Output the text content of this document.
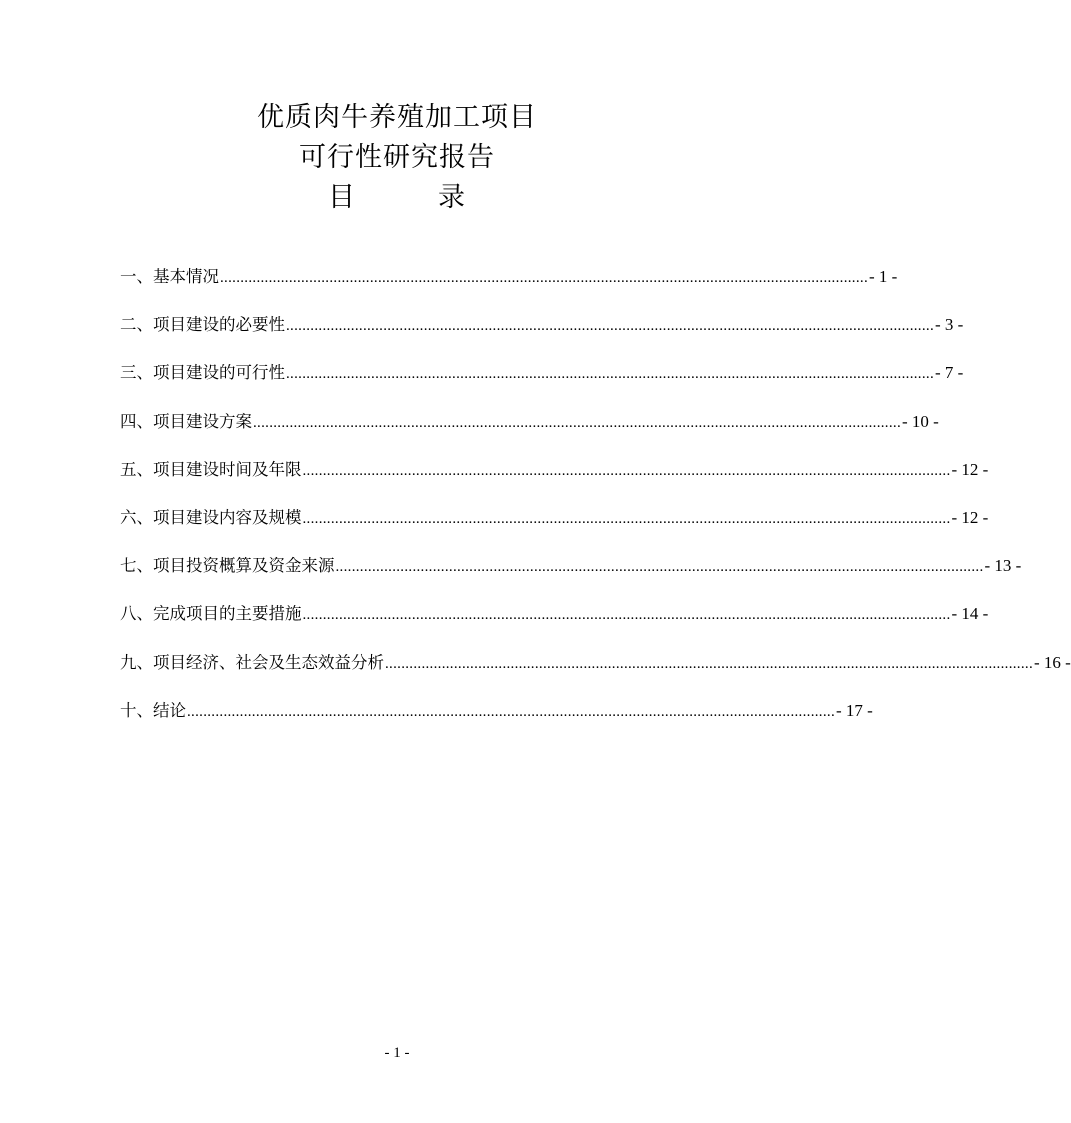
优质肉牛养殖加工项目
可行性研究报告
目	录
一、基本情况 ................................................................................................................................................................ - 1 -
二、项目建设的必要性 ................................................................................................................................................................ - 3 -
三、项目建设的可行性 ................................................................................................................................................................ - 7 -
四、项目建设方案 ................................................................................................................................................................ - 10 -
五、项目建设时间及年限 ................................................................................................................................................................ - 12 -
六、项目建设内容及规模 ................................................................................................................................................................ - 12 -
七、项目投资概算及资金来源 ................................................................................................................................................................ - 13 -
八、完成项目的主要措施 ................................................................................................................................................................ - 14 -
九、项目经济、社会及生态效益分析 ................................................................................................................................................................ - 16 -
十、结论 ................................................................................................................................................................ - 17 -
- 1 -
